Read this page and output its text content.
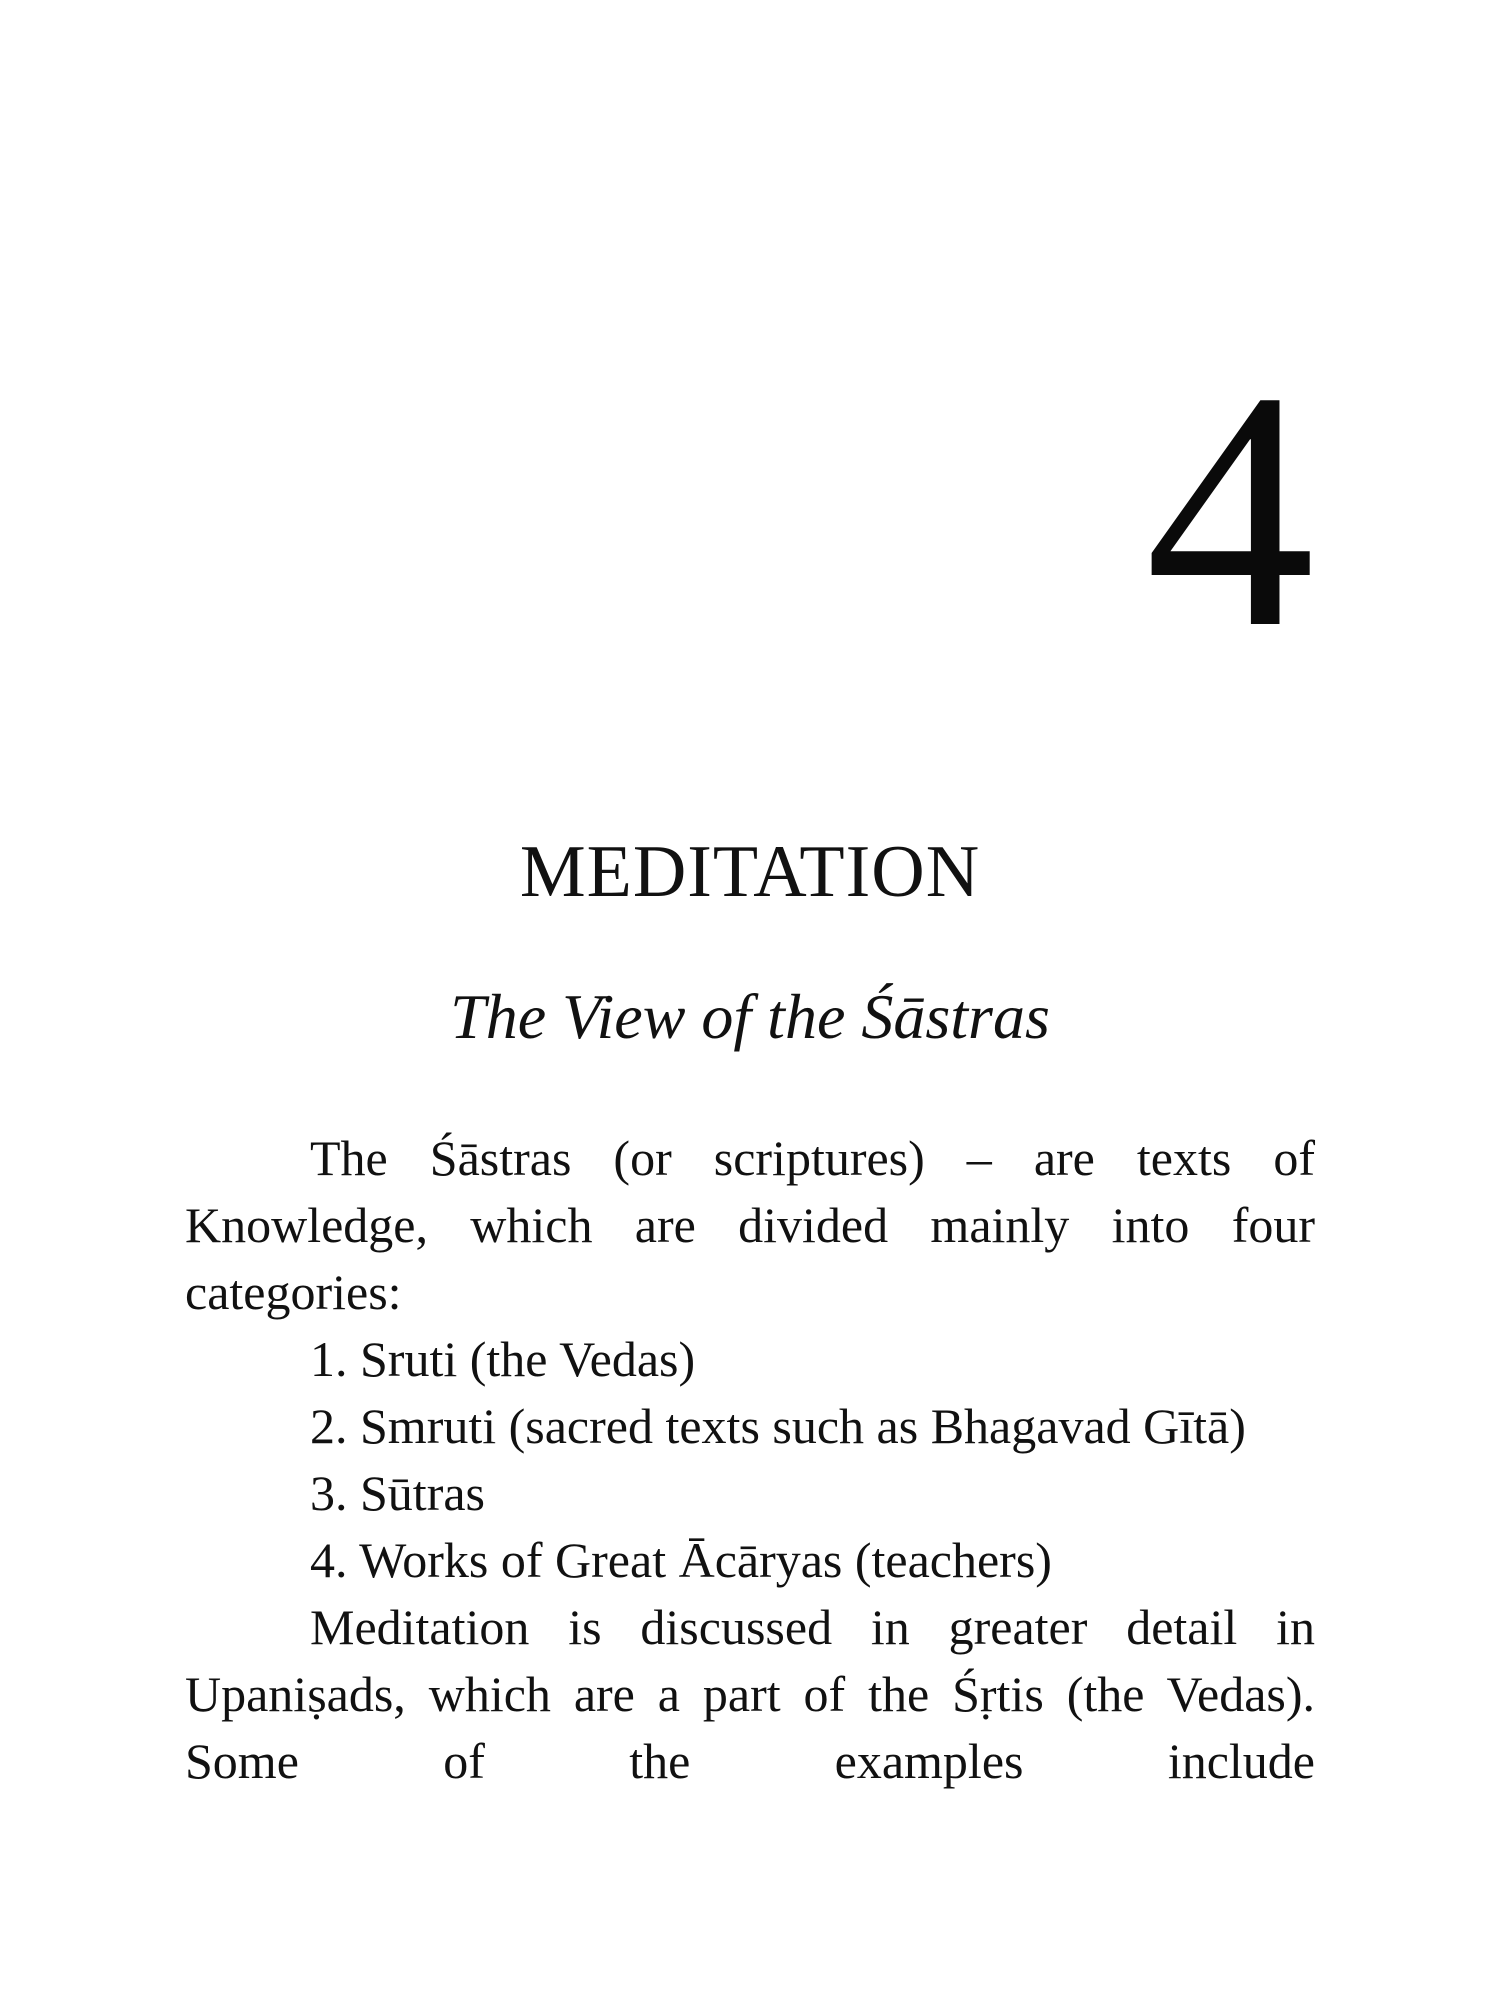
4
MEDITATION
The View of the Śāstras

The Śāstras (or scriptures) – are texts of Knowledge, which are divided mainly into four categories:

1. Sruti (the Vedas)
2. Smruti (sacred texts such as Bhagavad Gītā)
3. Sūtras
4. Works of Great Ācāryas (teachers)

Meditation is discussed in greater detail in Upaniṣads, which are a part of the Śṛtis (the Vedas). Some of the examples include
